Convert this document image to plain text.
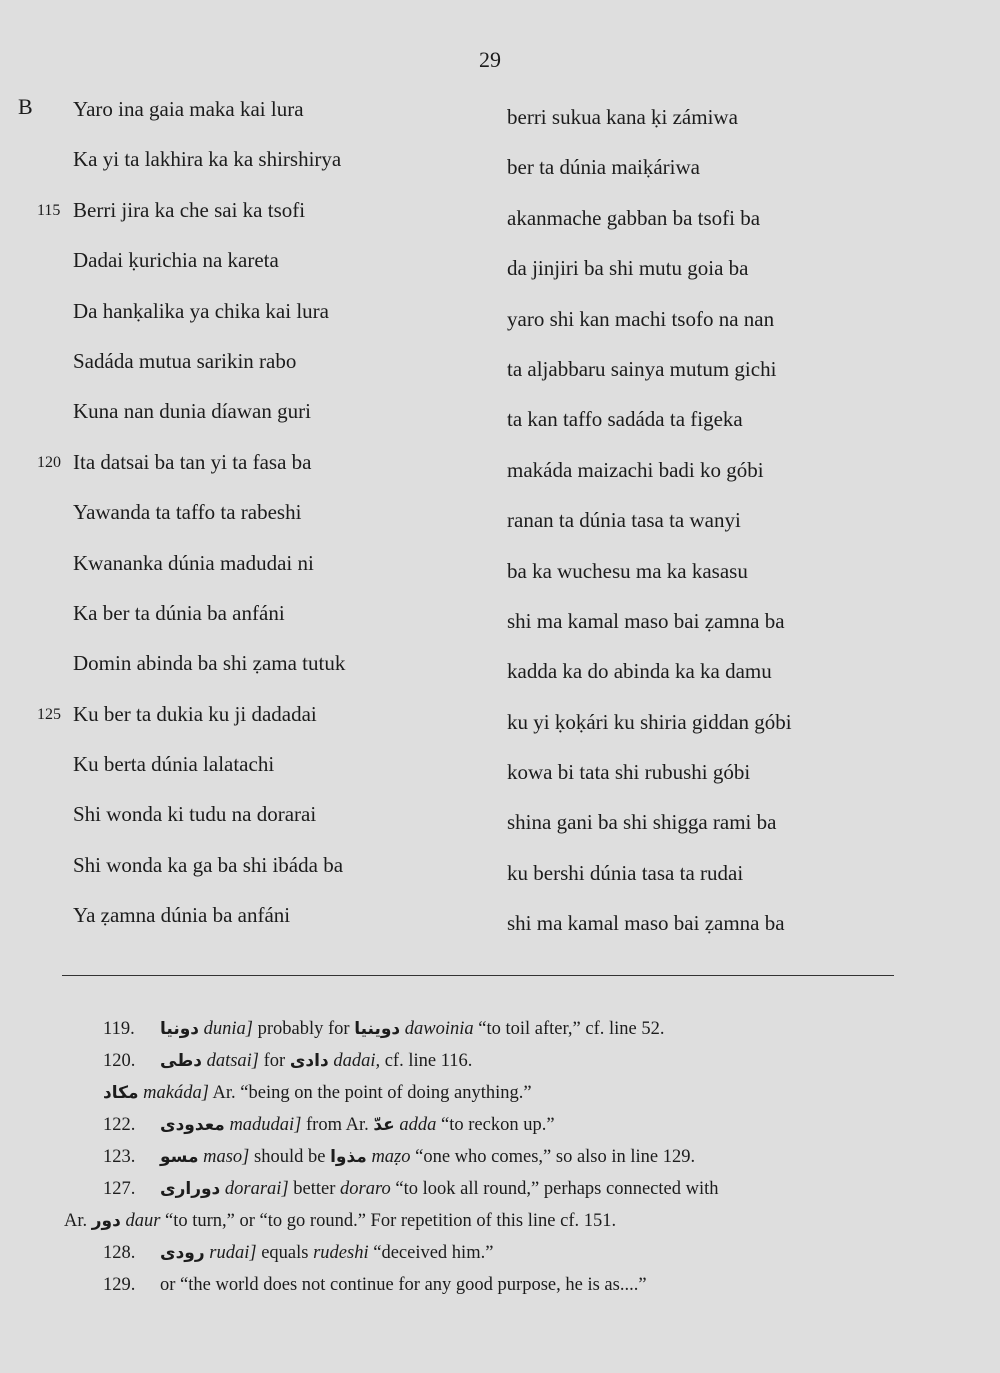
29
B	Yaro ina gaia maka kai lura
Ka yi ta lakhira ka ka shirshirya
115 Berri jira ka che sai ka tsofi
Dadai ḳurichia na kareta
Da hanḳalika ya chika kai lura
Sadáda mutua sarikin rabo
Kuna nan dunia díawan guri
120 Ita datsai ba tan yi ta fasa ba
Yawanda ta taffo ta rabeshi
Kwananka dúnia madudai ni
Ka ber ta dúnia ba anfáni
Domin abinda ba shi ẓama tutuk
125 Ku ber ta dukia ku ji dadadai
Ku berta dúnia lalatachi
Shi wonda ki tudu na dorarai
Shi wonda ka ga ba shi ibáda ba
Ya ẓamna dúnia ba anfáni
berri sukua kana ḳi zámiwa
ber ta dúnia maiḳáriwa
akanmache gabban ba tsofi ba
da jinjiri ba shi mutu goia ba
yaro shi kan machi tsofo na nan
ta aljabbaru sainya mutum gichi
ta kan taffo sadáda ta figeka
makáda maizachi badi ko góbi
ranan ta dúnia tasa ta wanyi
ba ka wuchesu ma ka kasasu
shi ma kamal maso bai ẓamna ba
kadda ka do abinda ka ka damu
ku yi ḳoḳári ku shiria giddan góbi
kowa bi tata shi rubushi góbi
shina gani ba shi shigga rami ba
ku bershi dúnia tasa ta rudai
shi ma kamal maso bai ẓamna ba
119. دونيا dunia] probably for دوينيا dawoinia “to toil after,” cf. line 52.
120. دطى datsai] for دادى dadai, cf. line 116.
مكاد makáda] Ar. “being on the point of doing anything.”
122. معدودى madudai] from Ar. عدّ adda “to reckon up.”
123. مسو maso] should be مذوا maẓo “one who comes,” so also in line 129.
127. دورارى dorarai] better doraro “to look all round,” perhaps connected with
Ar. دور daur “to turn,” or “to go round.” For repetition of this line cf. 151.
128. رودى rudai] equals rudeshi “deceived him.”
129. or “the world does not continue for any good purpose, he is as....”
